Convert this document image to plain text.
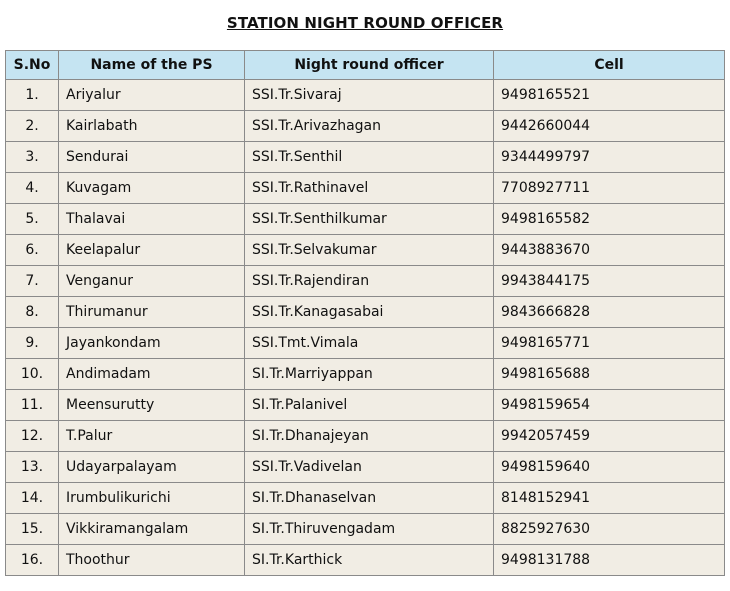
STATION NIGHT ROUND OFFICER
S.No	Name of the PS	Night round officer	Cell
1.	Ariyalur	SSI.Tr.Sivaraj	9498165521
2.	Kairlabath	SSI.Tr.Arivazhagan	9442660044
3.	Sendurai	SSI.Tr.Senthil	9344499797
4.	Kuvagam	SSI.Tr.Rathinavel	7708927711
5.	Thalavai	SSI.Tr.Senthilkumar	9498165582
6.	Keelapalur	SSI.Tr.Selvakumar	9443883670
7.	Venganur	SSI.Tr.Rajendiran	9943844175
8.	Thirumanur	SSI.Tr.Kanagasabai	9843666828
9.	Jayankondam	SSI.Tmt.Vimala	9498165771
10.	Andimadam	SI.Tr.Marriyappan	9498165688
11.	Meensurutty	SI.Tr.Palanivel	9498159654
12.	T.Palur	SI.Tr.Dhanajeyan	9942057459
13.	Udayarpalayam	SSI.Tr.Vadivelan	9498159640
14.	Irumbulikurichi	SI.Tr.Dhanaselvan	8148152941
15.	Vikkiramangalam	SI.Tr.Thiruvengadam	8825927630
16.	Thoothur	SI.Tr.Karthick	9498131788
